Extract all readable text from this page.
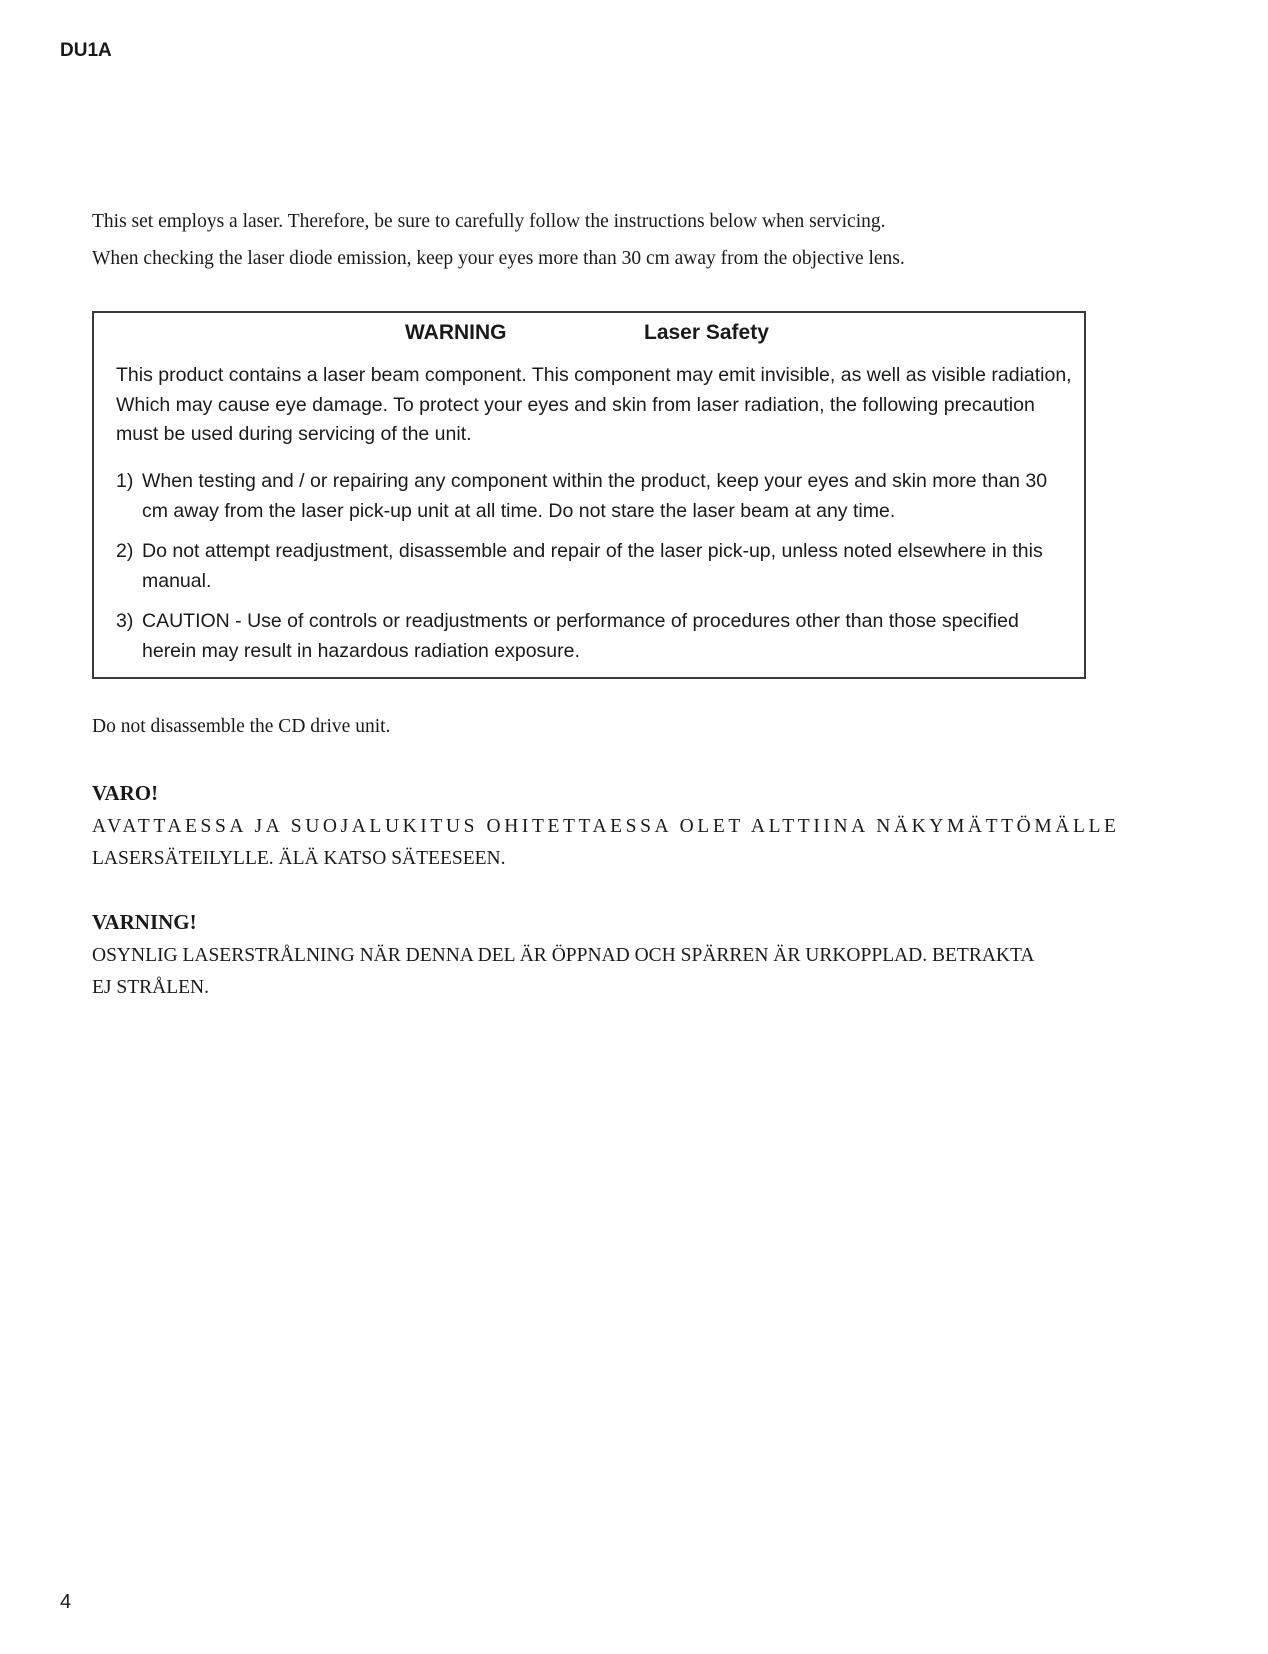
DU1A
This set employs a laser. Therefore, be sure to carefully follow the instructions below when servicing.
When checking the laser diode emission, keep your eyes more than 30 cm away from the objective lens.
WARNING	Laser Safety
This product contains a laser beam component. This component may emit invisible, as well as visible radiation, Which may cause eye damage. To protect your eyes and skin from laser radiation, the following precaution must be used during servicing of the unit.
1) When testing and / or repairing any component within the product, keep your eyes and skin more than 30 cm away from the laser pick-up unit at all time. Do not stare the laser beam at any time.
2) Do not attempt readjustment, disassemble and repair of the laser pick-up, unless noted elsewhere in this manual.
3) CAUTION - Use of controls or readjustments or performance of procedures other than those specified herein may result in hazardous radiation exposure.
Do not disassemble the CD drive unit.
VARO!
AVATTAESSA JA SUOJALUKITUS OHITETTAESSA OLET ALTTIINA NÄKYMÄTTÖMÄLLE
LASERSÄTEILYLLE. ÄLÄ KATSO SÄTEESEEN.
VARNING!
OSYNLIG LASERSTRÅLNING NÄR DENNA DEL ÄR ÖPPNAD OCH SPÄRREN ÄR URKOPPLAD. BETRAKTA
EJ STRÅLEN.
4
